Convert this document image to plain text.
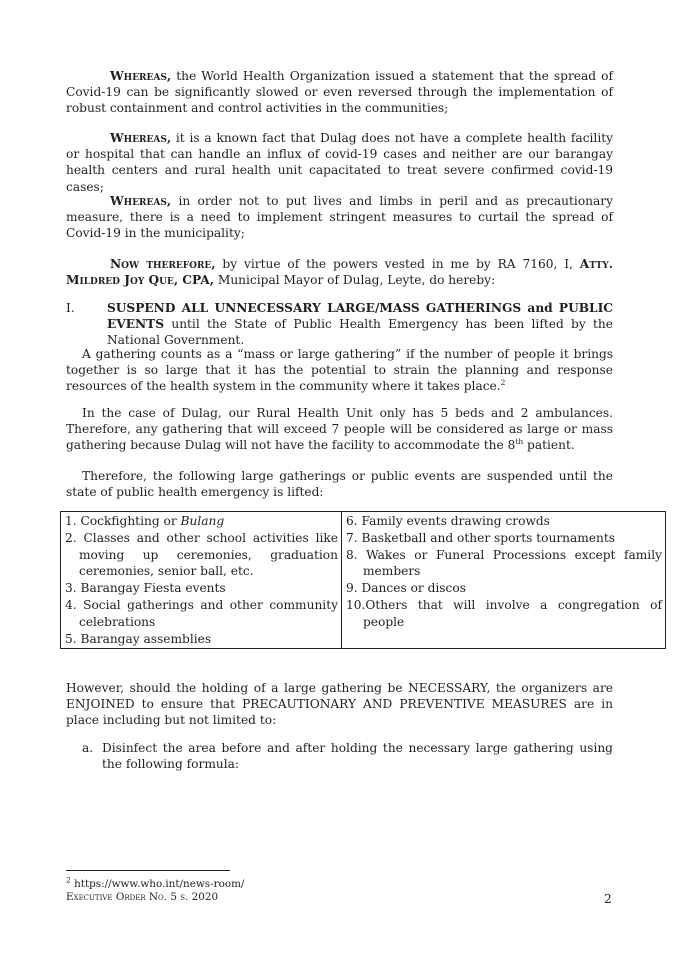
Whereas, the World Health Organization issued a statement that the spread of Covid-19 can be significantly slowed or even reversed through the implementation of robust containment and control activities in the communities;

Whereas, it is a known fact that Dulag does not have a complete health facility or hospital that can handle an influx of covid-19 cases and neither are our barangay health centers and rural health unit capacitated to treat severe confirmed covid-19 cases;

Whereas, in order not to put lives and limbs in peril and as precautionary measure, there is a need to implement stringent measures to curtail the spread of Covid-19 in the municipality;

Now therefore, by virtue of the powers vested in me by RA 7160, I, Atty. Mildred Joy Que, CPA, Municipal Mayor of Dulag, Leyte, do hereby:

I.	SUSPEND ALL UNNECESSARY LARGE/MASS GATHERINGS and PUBLIC EVENTS until the State of Public Health Emergency has been lifted by the National Government.

A gathering counts as a “mass or large gathering” if the number of people it brings together is so large that it has the potential to strain the planning and response resources of the health system in the community where it takes place.$^2$

In the case of Dulag, our Rural Health Unit only has 5 beds and 2 ambulances. Therefore, any gathering that will exceed 7 people will be considered as large or mass gathering because Dulag will not have the facility to accommodate the 8th patient.

Therefore, the following large gatherings or public events are suspended until the state of public health emergency is lifted:

1. Cockfighting or Bulang
2. Classes and other school activities like moving up ceremonies, graduation ceremonies, senior ball, etc.
3. Barangay Fiesta events
4. Social gatherings and other community celebrations
5. Barangay assemblies

6. Family events drawing crowds
7. Basketball and other sports tournaments
8. Wakes or Funeral Processions except family members
9. Dances or discos
10.Others that will involve a congregation of people

However, should the holding of a large gathering be NECESSARY, the organizers are ENJOINED to ensure that PRECAUTIONARY AND PREVENTIVE MEASURES are in place including but not limited to:

a. Disinfect the area before and after holding the necessary large gathering using the following formula:

$^2$ https://www.who.int/news-room/
Executive Order No. 5 s. 2020	2
